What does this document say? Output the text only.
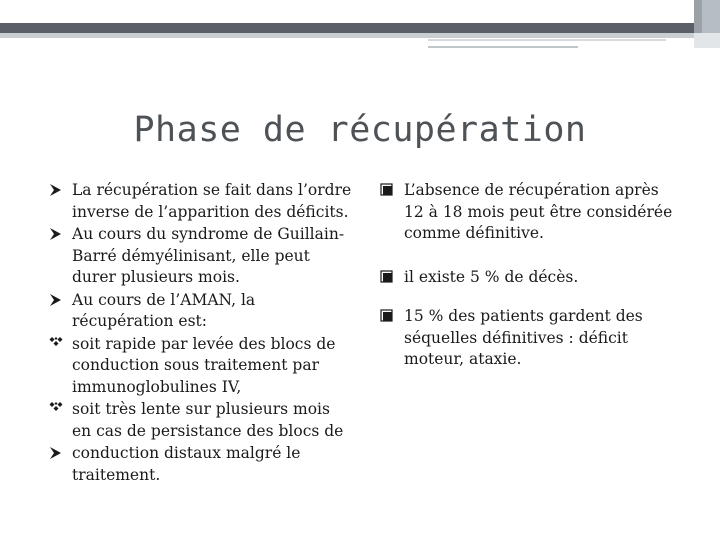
Phase de récupération
La récupération se fait dans l’ordre inverse de l’apparition des déficits.
Au cours du syndrome de Guillain-Barré démyélinisant, elle peut durer plusieurs mois.
Au cours de l’AMAN, la récupération est:
soit rapide par levée des blocs de conduction sous traitement par immunoglobulines IV,
soit très lente sur plusieurs mois en cas de persistance des blocs de
conduction distaux malgré le traitement.
L’absence de récupération après 12 à 18 mois peut être considérée comme définitive.
il existe 5 % de décès.
15 % des patients gardent des séquelles définitives : déficit moteur, ataxie.
